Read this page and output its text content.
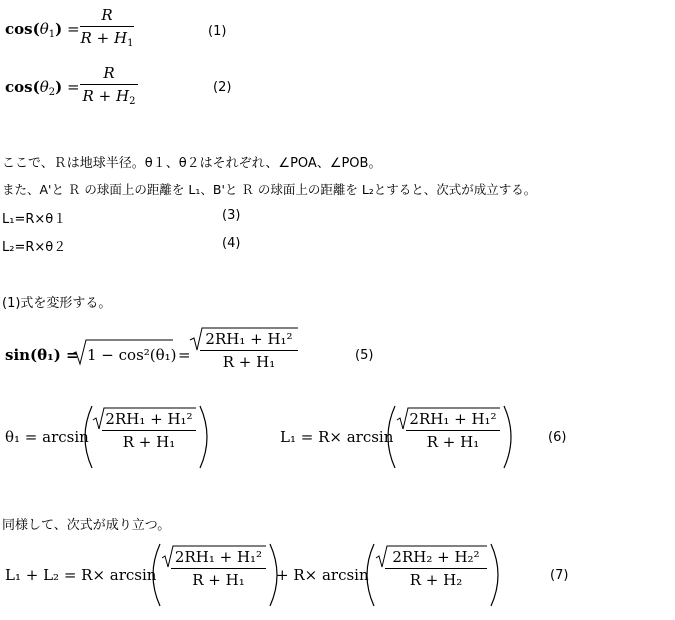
$\cos(\theta_1)$ =
R
$R + H_1$
(1)
$\cos(\theta_2)$ =
R
$R + H_2$
(2)
ここで、Ｒは地球半径。θ１、θ２はそれぞれ、∠POA、∠POB。
また、A'と Ｒ の球面上の距離を L₁、B'と Ｒ の球面上の距離を L₂とすると、次式が成立する。
L₁=R×θ１	(3)
L₂=R×θ２	(4)
(1)式を変形する。
sin(θ₁) = 1 − cos²(θ₁) =
2RH₁ + H₁²
R + H₁	(5)
θ₁ = arcsin
2RH₁ + H₁²
R + H₁	L₁ = R× arcsin
2RH₁ + H₁²
R + H₁	(6)
同様して、次式が成り立つ。
L₁ + L₂ = R× arcsin
2RH₁ + H₁²
R + H₁	+ R× arcsin
2RH₂ + H₂²
R + H₂	(7)
